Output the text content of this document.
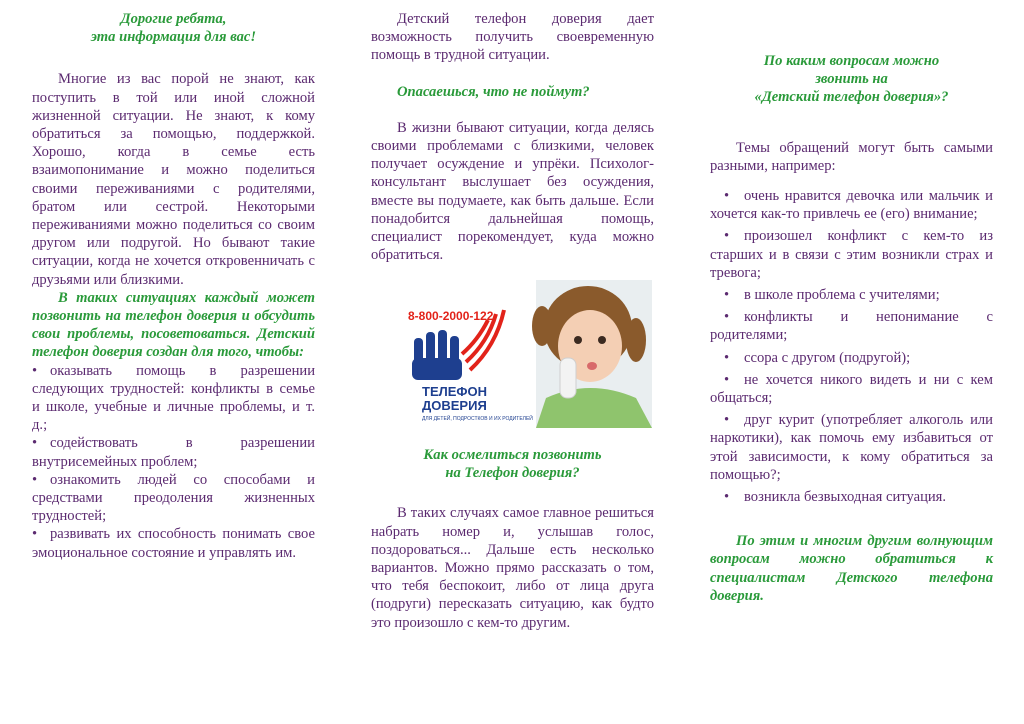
Дорогие ребята,
эта информация для вас!

Многие из вас порой не знают, как поступить в той или иной сложной жизненной ситуации. Не знают, к кому обратиться за помощью, поддержкой. Хорошо, когда в семье есть взаимопонимание и можно поделиться своими переживаниями с родителями, братом или сестрой. Некоторыми переживаниями можно поделиться со своим другом или подругой. Но бывают такие ситуации, когда не хочется откровенничать с друзьями или близкими.

В таких ситуациях каждый может позвонить на телефон доверия и обсудить свои проблемы, посоветоваться. Детский телефон доверия создан для того, чтобы:

• оказывать помощь в разрешении следующих трудностей: конфликты в семье и школе, учебные и личные проблемы, и т. д.;
• содействовать в разрешении внутрисемейных проблем;
• ознакомить людей со способами и средствами преодоления жизненных трудностей;
• развивать их способность понимать свое эмоциональное состояние и управлять им.

Детский телефон доверия дает возможность получить своевременную помощь в трудной ситуации.

Опасаешься, что не поймут?

В жизни бывают ситуации, когда делясь своими проблемами с близкими, человек получает осуждение и упрёки. Психолог-консультант выслушает без осуждения, вместе вы подумаете, как быть дальше. Если понадобится дальнейшая помощь, специалист порекомендует, куда можно обратиться.

8-800-2000-122
ТЕЛЕФОН
ДОВЕРИЯ
ДЛЯ ДЕТЕЙ, ПОДРОСТКОВ И ИХ РОДИТЕЛЕЙ

Как осмелиться позвонить
на Телефон доверия?

В таких случаях самое главное решиться набрать номер и, услышав голос, поздороваться... Дальше есть несколько вариантов. Можно прямо рассказать о том, что тебя беспокоит, либо от лица друга (подруги) пересказать ситуацию, как будто это произошло с кем-то другим.

По каким вопросам можно
звонить на
«Детский телефон доверия»?

Темы обращений могут быть самыми разными, например:

• очень нравится девочка или мальчик и хочется как-то привлечь ее (его) внимание;
• произошел конфликт с кем-то из старших и в связи с этим возникли страх и тревога;
• в школе проблема с учителями;
• конфликты и непонимание с родителями;
• ссора с другом (подругой);
• не хочется никого видеть и ни с кем общаться;
• друг курит (употребляет алкоголь или наркотики), как помочь ему избавиться от этой зависимости, к кому обратиться за помощью?;
• возникла безвыходная ситуация.

По этим и многим другим волнующим вопросам можно обратиться к специалистам Детского телефона доверия.
